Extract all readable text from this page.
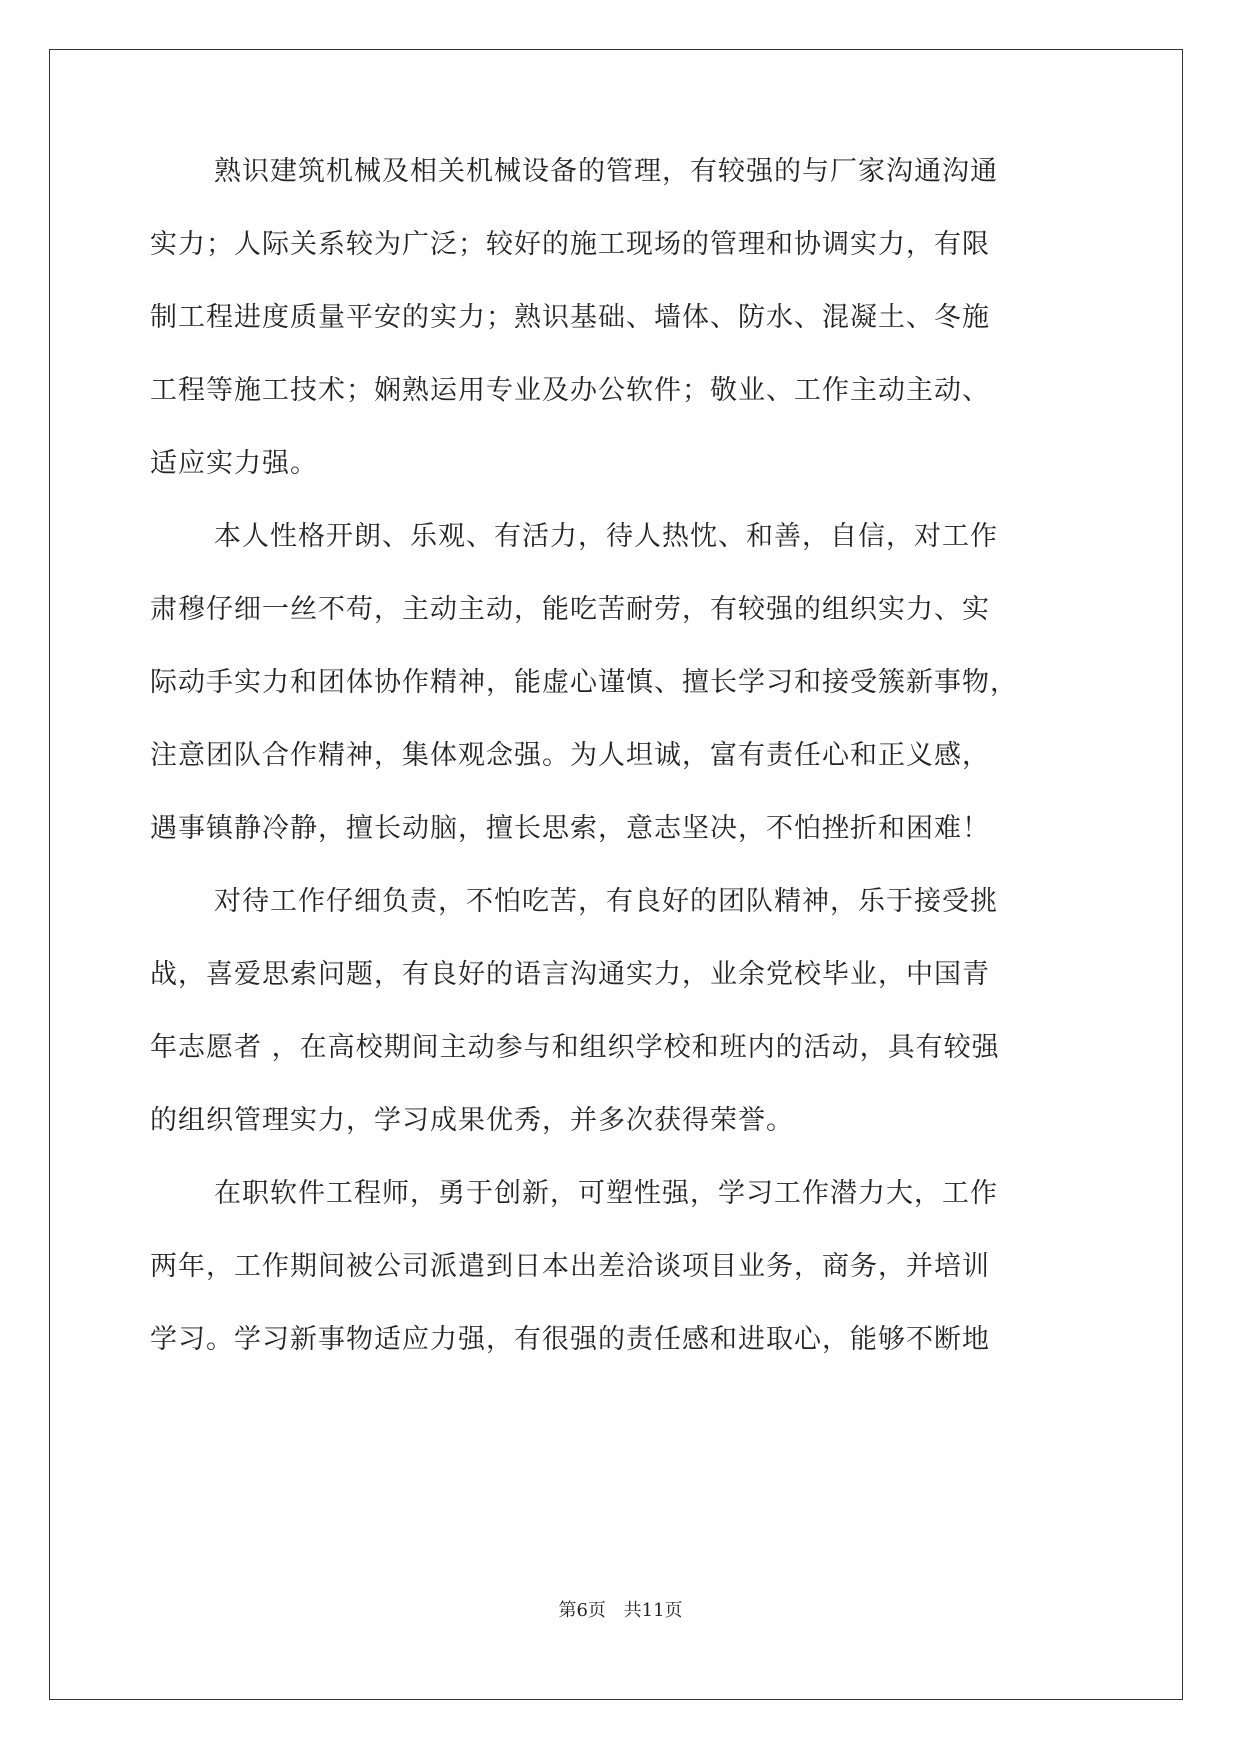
熟识建筑机械及相关机械设备的管理，有较强的与厂家沟通沟通
实力；人际关系较为广泛；较好的施工现场的管理和协调实力，有限
制工程进度质量平安的实力；熟识基础、墙体、防水、混凝土、冬施
工程等施工技术；娴熟运用专业及办公软件；敬业、工作主动主动、
适应实力强。
本人性格开朗、乐观、有活力，待人热忱、和善，自信，对工作
肃穆仔细一丝不苟，主动主动，能吃苦耐劳，有较强的组织实力、实
际动手实力和团体协作精神，能虚心谨慎、擅长学习和接受簇新事物，
注意团队合作精神，集体观念强。为人坦诚，富有责任心和正义感，
遇事镇静冷静，擅长动脑，擅长思索，意志坚决，不怕挫折和困难！
对待工作仔细负责，不怕吃苦，有良好的团队精神，乐于接受挑
战，喜爱思索问题，有良好的语言沟通实力，业余党校毕业，中国青
年志愿者 ，在高校期间主动参与和组织学校和班内的活动，具有较强
的组织管理实力，学习成果优秀，并多次获得荣誉。
在职软件工程师，勇于创新，可塑性强，学习工作潜力大，工作
两年，工作期间被公司派遣到日本出差洽谈项目业务，商务，并培训
学习。学习新事物适应力强，有很强的责任感和进取心，能够不断地
第6页 共11页
